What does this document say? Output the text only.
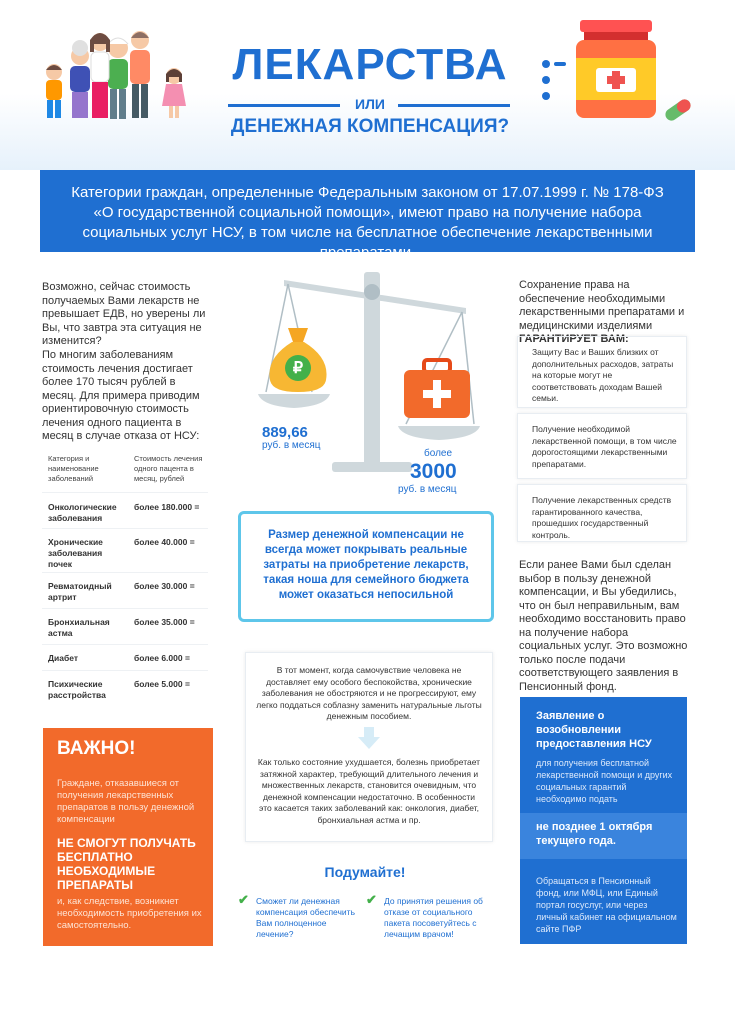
ЛЕКАРСТВА
ИЛИ
ДЕНЕЖНАЯ КОМПЕНСАЦИЯ?
Категории граждан, определенные Федеральным законом от 17.07.1999 г. № 178-ФЗ «О государственной социальной помощи», имеют право на получение набора социальных услуг НСУ, в том числе на бесплатное обеспечение лекарственными препаратами.
Возможно, сейчас стоимость получаемых Вами лекарств не превышает ЕДВ, но уверены ли Вы, что завтра эта ситуация не изменится?
По многим заболеваниям стоимость лечения достигает более 170 тысяч рублей в месяц. Для примера приводим ориентировочную стоимость лечения одного пациента в месяц в случае отказа от НСУ:
Категория и наименование заболеваний
Стоимость лечения одного пацента в месяц, рублей
Онкологические заболевания
более 180.000 =
Хронические заболевания почек
более 40.000 =
Ревматоидный артрит
более 30.000 =
Бронхиальная астма
более 35.000 =
Диабет	более 6.000 =
Психические расстройства
более 5.000 =
ВАЖНО!
Граждане, отказавшиеся от получения лекарственных препаратов в пользу денежной компенсации
НЕ СМОГУТ ПОЛУЧАТЬ БЕСПЛАТНО НЕОБХОДИМЫЕ ПРЕПАРАТЫ
и, как следствие, возникнет необходимость приобретения их самостоятельно.
₽
889,66
руб. в месяц
более
3000
руб. в месяц
Размер денежной компенсации не всегда может покрывать реальные затраты на приобретение лекарств, такая ноша для семейного бюджета может оказаться непосильной
В тот момент, когда самочувствие человека не доставляет ему особого беспокойства, хронические заболевания не обостряются и не прогрессируют, ему легко поддаться соблазну заменить натуральные льготы денежным пособием.
Как только состояние ухудшается, болезнь приобретает затяжной характер, требующий длительного лечения и множественных лекарств, становится очевидным, что денежной компенсации недостаточно. В особенности это касается таких заболеваний как: онкология, диабет, бронхиальная астма и пр.
Подумайте!
✔ Сможет ли денежная компенсация обеспечить Вам полноценное лечение?
✔ До принятия решения об отказе от социального пакета посоветуйтесь с лечащим врачом!
Сохранение права на обеспечение необходимыми лекарственными препаратами и медицинскими изделиями ГАРАНТИРУЕТ ВАМ:
Защиту Вас и Ваших близких от дополнительных расходов, затраты на которые могут не соответствовать доходам Вашей семьи.
Получение необходимой лекарственной помощи, в том числе дорогостоящими лекарственными препаратами.
Получение лекарственных средств гарантированного качества, прошедших государственный контроль.
Если ранее Вами был сделан выбор в пользу денежной компенсации, и Вы убедились, что он был неправильным, вам необходимо восстановить право на получение набора социальных услуг. Это возможно только после подачи соответствующего заявления в Пенсионный фонд.
Заявление о возобновлении предоставления НСУ
для получения бесплатной лекарственной помощи и других социальных гарантий необходимо подать
не позднее 1 октября текущего года.
Обращаться в Пенсионный фонд, или МФЦ, или Единый портал госуслуг, или через личный кабинет на официальном сайте ПФР
